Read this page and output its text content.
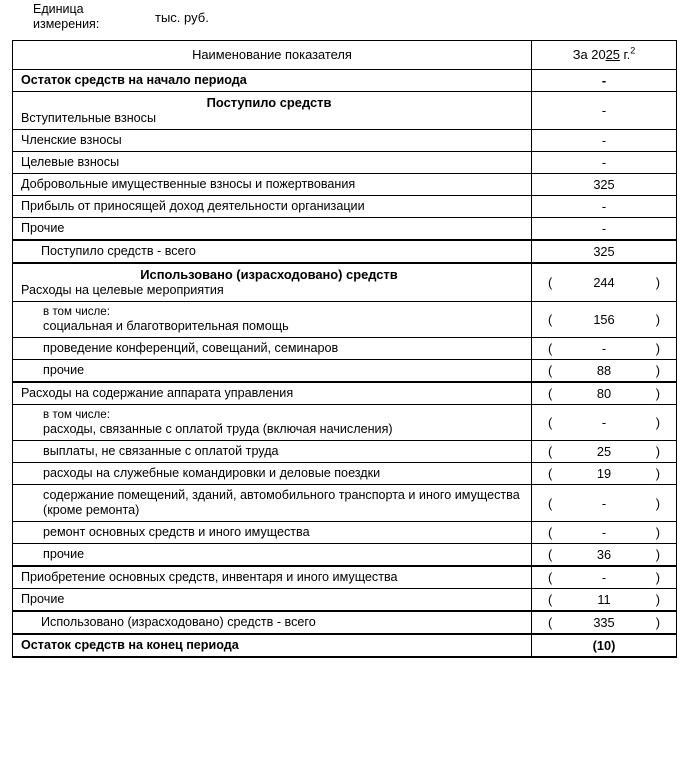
Единица
измерения:	тыс. руб.
Наименование показателя	За 2025 г.$^2$

Остаток средств на начало периода	-

Поступило средств
Вступительные взносы	-

Членские взносы	-

Целевые взносы	-

Добровольные имущественные взносы и пожертвования	325

Прибыль от приносящей доход деятельности организации	-

Прочие	-

Поступило средств - всего	325

Использовано (израсходовано) средств
Расходы на целевые мероприятия	( 244 )

в том числе:
социальная и благотворительная помощь	( 156 )

проведение конференций, совещаний, семинаров	( - )

прочие	( 88 )

Расходы на содержание аппарата управления	( 80 )

в том числе:
расходы, связанные с оплатой труда (включая начисления)	( - )

выплаты, не связанные с оплатой труда	( 25 )

расходы на служебные командировки и деловые поездки	( 19 )

содержание помещений, зданий, автомобильного транспорта и иного имущества (кроме ремонта)	( - )

ремонт основных средств и иного имущества	( - )

прочие	( 36 )

Приобретение основных средств, инвентаря и иного имущества	( - )

Прочие	( 11 )

Использовано (израсходовано) средств - всего	( 335 )

Остаток средств на конец периода	(10)
